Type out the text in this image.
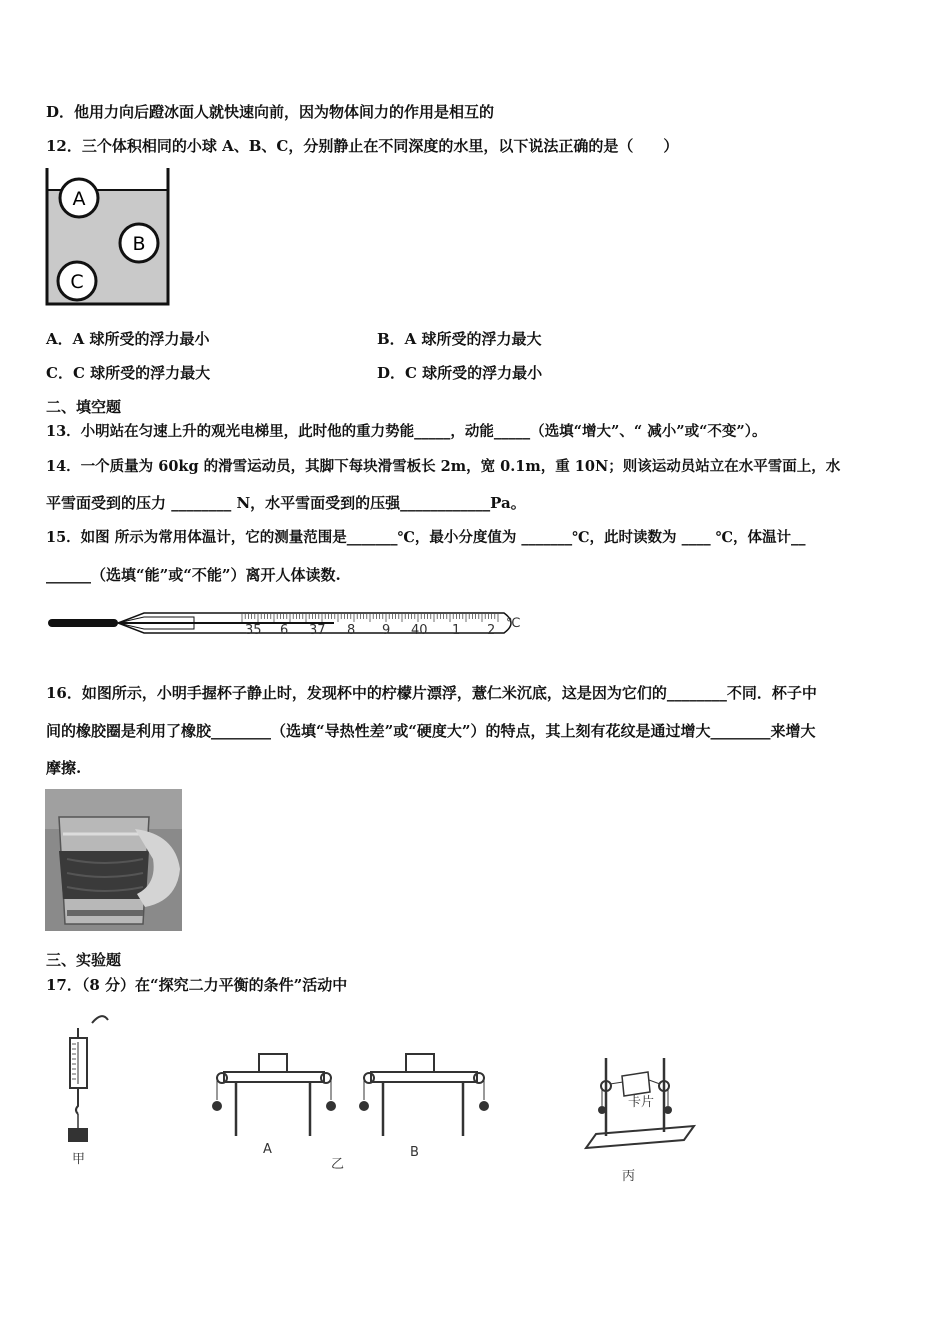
D．他用力向后蹬冰面人就快速向前，因为物体间力的作用是相互的
12．三个体积相同的小球 A、B、C，分别静止在不同深度的水里，以下说法正确的是（　　）
A
B
C
A．A 球所受的浮力最小	B．A 球所受的浮力最大
C．C 球所受的浮力最大	D．C 球所受的浮力最小
二、填空题
13．小明站在匀速上升的观光电梯里，此时他的重力势能_____，动能_____（选填“增大”、“ 减小”或“不变”）。
14．一个质量为 60kg 的滑雪运动员，其脚下每块滑雪板长 2m，宽 0.1m，重 10N；则该运动员站立在水平雪面上，水
平雪面受到的压力 ________ N，水平雪面受到的压强____________Pa。
15．如图 所示为常用体温计，它的测量范围是_______℃，最小分度值为 _______℃，此时读数为 ____ ℃，体温计__
______（选填“能”或“不能”）离开人体读数.
35 6 37 8 9 40 1 2 ℃
16．如图所示，小明手握杯子静止时，发现杯中的柠檬片漂浮，薏仁米沉底，这是因为它们的________不同．杯子中
间的橡胶圈是利用了橡胶________（选填“导热性差”或“硬度大”）的特点，其上刻有花纹是通过增大________来增大
摩擦.
三、实验题
17．（8 分）在“探究二力平衡的条件”活动中
甲
A
乙
B
卡片
丙
